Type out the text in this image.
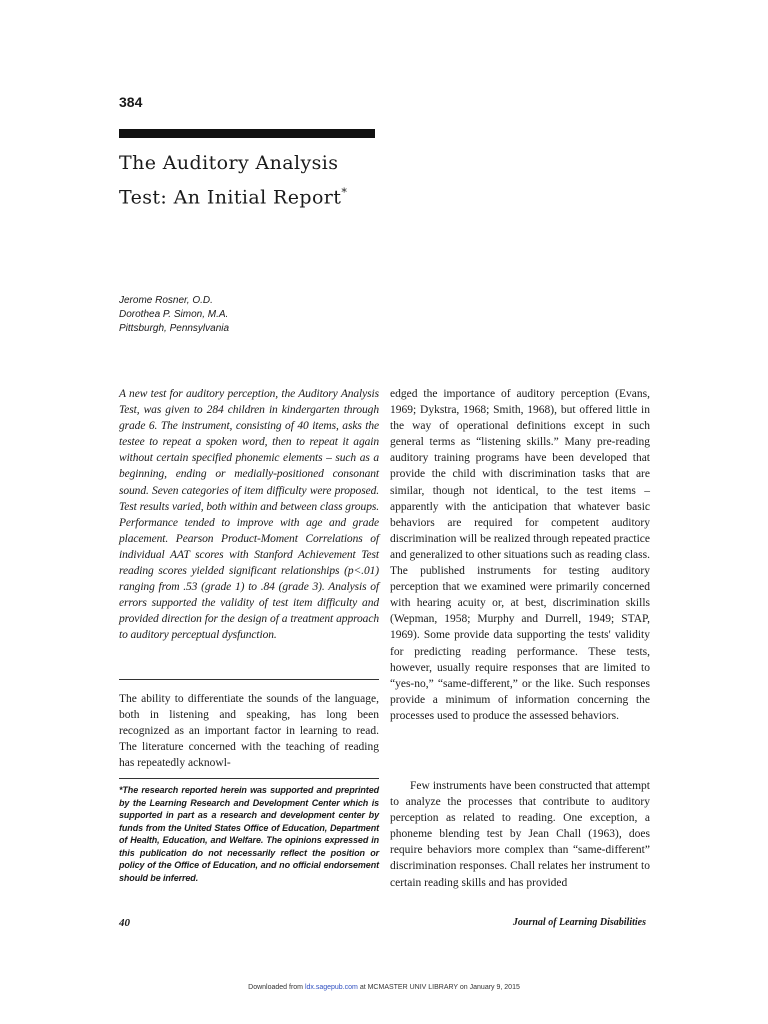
384
The Auditory Analysis
Test: An Initial Report*
Jerome Rosner, O.D.
Dorothea P. Simon, M.A.
Pittsburgh, Pennsylvania
A new test for auditory perception, the Auditory Analysis Test, was given to 284 children in kindergarten through grade 6. The instrument, consisting of 40 items, asks the testee to repeat a spoken word, then to repeat it again without certain specified phonemic elements – such as a beginning, ending or medially-positioned consonant sound. Seven categories of item difficulty were proposed. Test results varied, both within and between class groups. Performance tended to improve with age and grade placement. Pearson Product-Moment Correlations of individual AAT scores with Stanford Achievement Test reading scores yielded significant relationships (p<.01) ranging from .53 (grade 1) to .84 (grade 3). Analysis of errors supported the validity of test item difficulty and provided direction for the design of a treatment approach to auditory perceptual dysfunction.
The ability to differentiate the sounds of the language, both in listening and speaking, has long been recognized as an important factor in learning to read. The literature concerned with the teaching of reading has repeatedly acknowl-
*The research reported herein was supported and preprinted by the Learning Research and Development Center which is supported in part as a research and development center by funds from the United States Office of Education, Department of Health, Education, and Welfare. The opinions expressed in this publication do not necessarily reflect the position or policy of the Office of Education, and no official endorsement should be inferred.
edged the importance of auditory perception (Evans, 1969; Dykstra, 1968; Smith, 1968), but offered little in the way of operational definitions except in such general terms as “listening skills.” Many pre-reading auditory training programs have been developed that provide the child with discrimination tasks that are similar, though not identical, to the test items – apparently with the anticipation that whatever basic behaviors are required for competent auditory discrimination will be realized through repeated practice and generalized to other situations such as reading class. The published instruments for testing auditory perception that we examined were primarily concerned with hearing acuity or, at best, discrimination skills (Wepman, 1958; Murphy and Durrell, 1949; STAP, 1969). Some provide data supporting the tests' validity for predicting reading performance. These tests, however, usually require responses that are limited to “yes-no,” “same-different,” or the like. Such responses provide a minimum of information concerning the processes used to produce the assessed behaviors.
Few instruments have been constructed that attempt to analyze the processes that contribute to auditory perception as related to reading. One exception, a phoneme blending test by Jean Chall (1963), does require behaviors more complex than “same-different” discrimination responses. Chall relates her instrument to certain reading skills and has provided
40	Journal of Learning Disabilities
Downloaded from ldx.sagepub.com at MCMASTER UNIV LIBRARY on January 9, 2015
